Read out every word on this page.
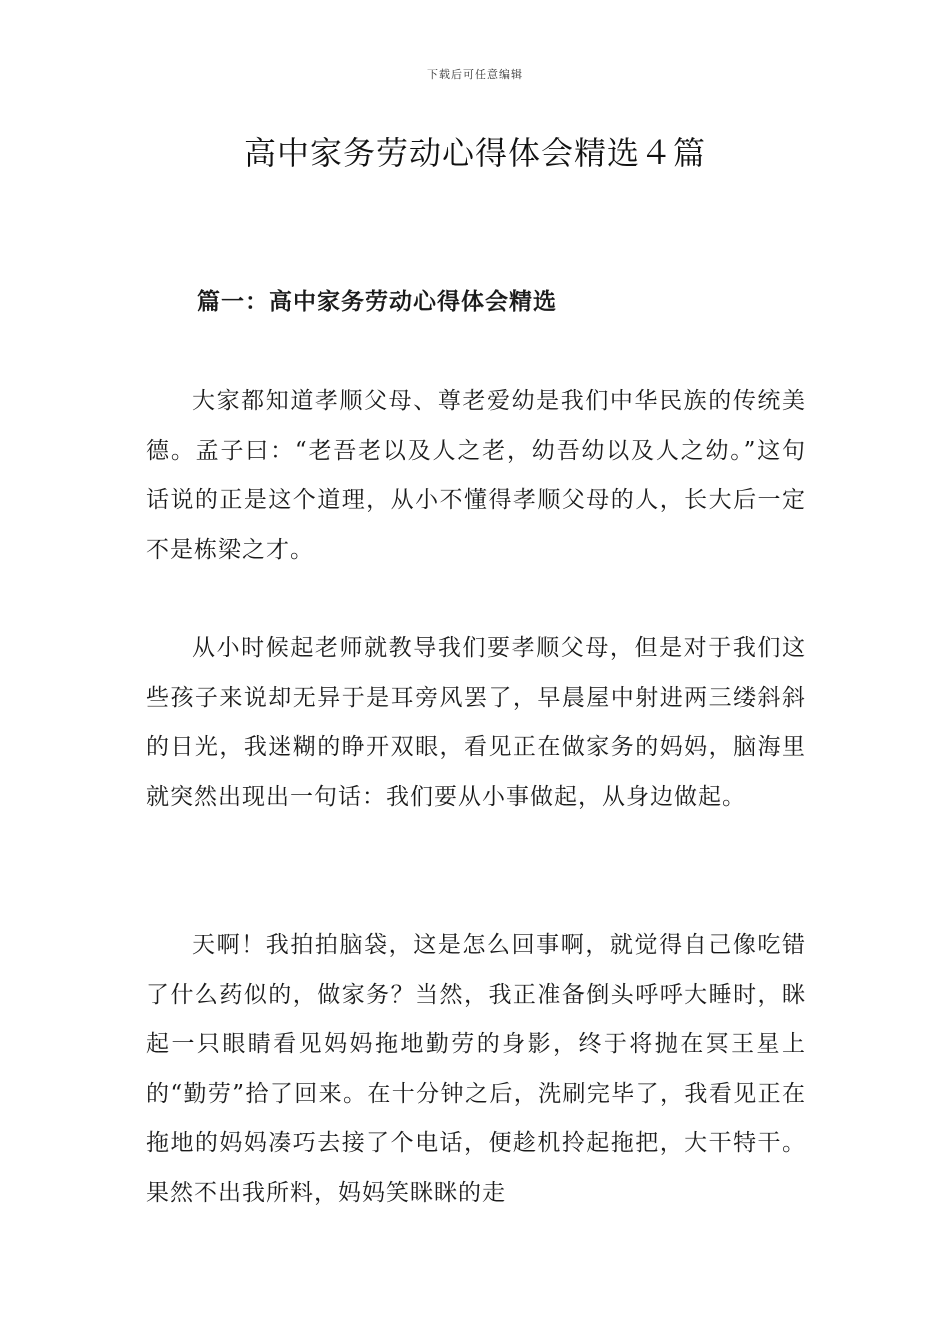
下载后可任意编辑
高中家务劳动心得体会精选４篇
篇一：高中家务劳动心得体会精选

大家都知道孝顺父母、尊老爱幼是我们中华民族的传统美德。孟子曰：“老吾老以及人之老，幼吾幼以及人之幼。”这句话说的正是这个道理，从小不懂得孝顺父母的人，长大后一定不是栋梁之才。

从小时候起老师就教导我们要孝顺父母，但是对于我们这些孩子来说却无异于是耳旁风罢了，早晨屋中射进两三缕斜斜的日光，我迷糊的睁开双眼，看见正在做家务的妈妈，脑海里就突然出现出一句话：我们要从小事做起，从身边做起。

天啊！我拍拍脑袋，这是怎么回事啊，就觉得自己像吃错了什么药似的，做家务？当然，我正准备倒头呼呼大睡时，眯起一只眼睛看见妈妈拖地勤劳的身影，终于将抛在冥王星上的“勤劳”拾了回来。在十分钟之后，洗刷完毕了，我看见正在拖地的妈妈凑巧去接了个电话，便趁机拎起拖把，大干特干。果然不出我所料，妈妈笑眯眯的走
